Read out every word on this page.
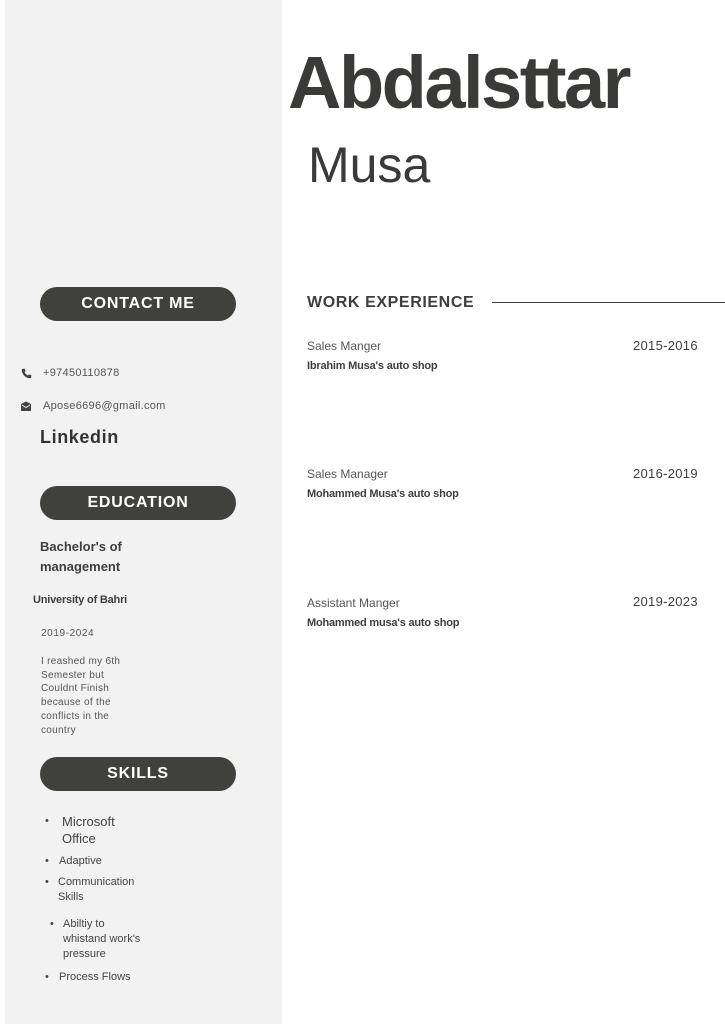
Abdalsttar
Musa
CONTACT ME
+97450110878
Apose6696@gmail.com
Linkedin
EDUCATION
Bachelor's of
management
University of Bahri
2019-2024
I reashed my 6th
Semester but
Couldnt Finish
because of the
conflicts in the
country
SKILLS
• Microsoft
Office
• Adaptive
• Communication
Skills
• Abiltiy to
whistand work's
pressure
• Process Flows
WORK EXPERIENCE
Sales Manger
Ibrahim Musa's auto shop
2015-2016
Sales Manager
Mohammed Musa's auto shop
2016-2019
Assistant Manger
Mohammed musa's auto shop
2019-2023
